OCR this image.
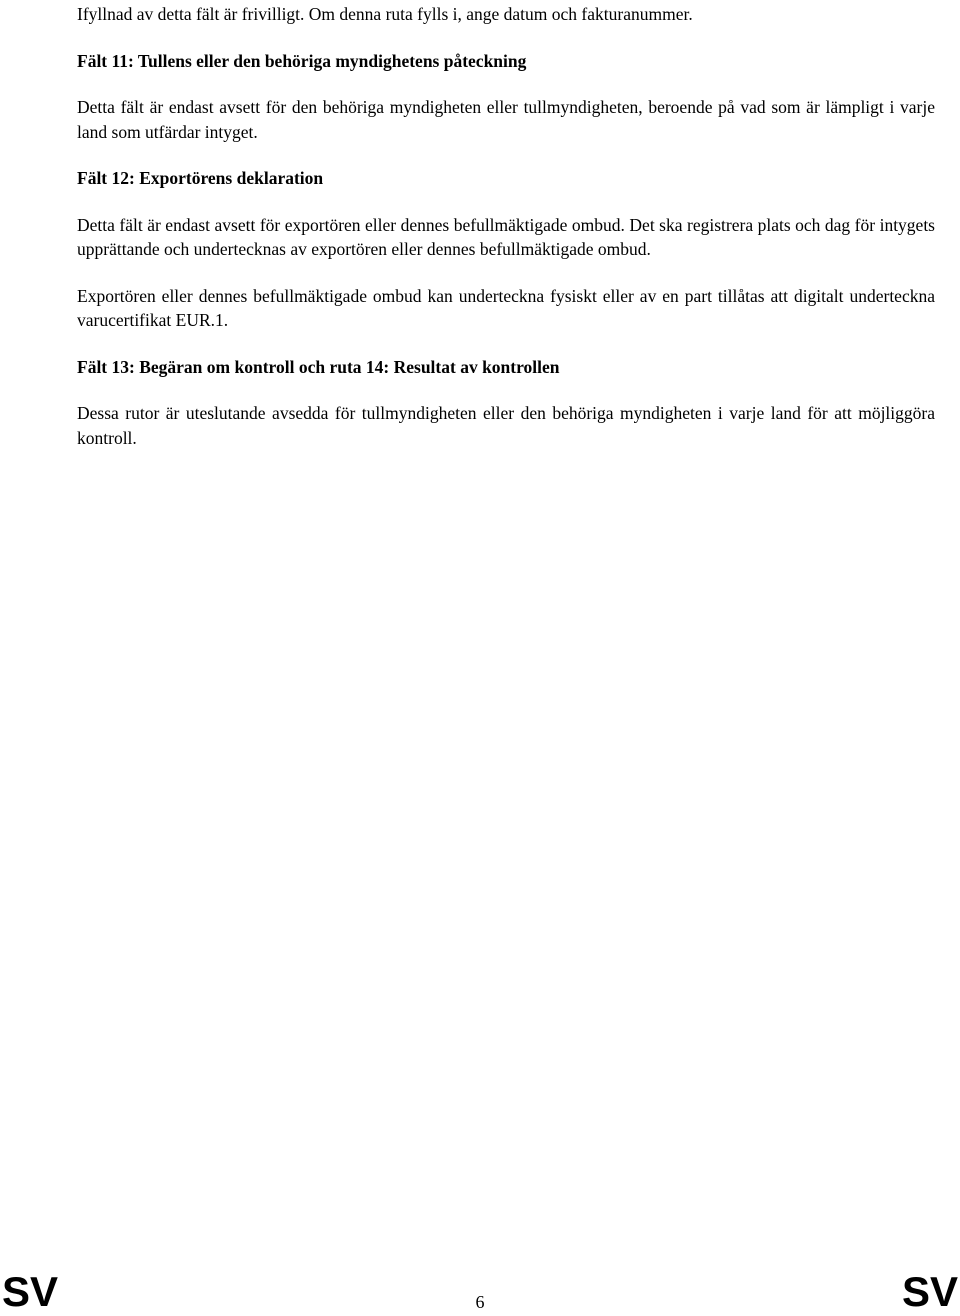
Ifyllnad av detta fält är frivilligt. Om denna ruta fylls i, ange datum och fakturanummer.

Fält 11: Tullens eller den behöriga myndighetens påteckning

Detta fält är endast avsett för den behöriga myndigheten eller tullmyndigheten, beroende på vad som är lämpligt i varje land som utfärdar intyget.

Fält 12: Exportörens deklaration

Detta fält är endast avsett för exportören eller dennes befullmäktigade ombud. Det ska registrera plats och dag för intygets upprättande och undertecknas av exportören eller dennes befullmäktigade ombud.

Exportören eller dennes befullmäktigade ombud kan underteckna fysiskt eller av en part tillåtas att digitalt underteckna varucertifikat EUR.1.

Fält 13: Begäran om kontroll och ruta 14: Resultat av kontrollen

Dessa rutor är uteslutande avsedda för tullmyndigheten eller den behöriga myndigheten i varje land för att möjliggöra kontroll.

SV	6	SV
